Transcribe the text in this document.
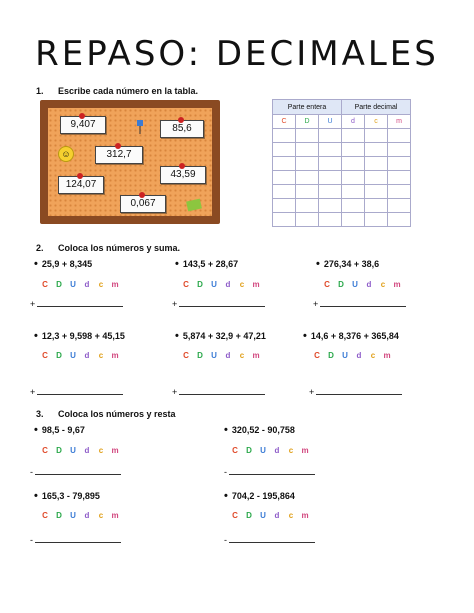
REPASO: DECIMALES
1. Escribe cada número en la tabla.
☺
9,407	85,6
312,7
124,07
43,59
0,067
Parte entera			Parte decimal		
C	D	U	d	c	m

2. Coloca los números y suma.
• 25,9 + 8,345	• 143,5 + 28,67	• 276,34 + 38,6
• 12,3 + 9,598 + 45,15	• 5,874 + 32,9 + 47,21	• 14,6 + 8,376 + 365,84
C D U d c m	C D U d c m	C D U d c m
C D U d c m	C D U d c m	C D U d c m
+	+	+
+	+	+
3. Coloca los números y resta
• 98,5 - 9,67	• 320,52 - 90,758
• 165,3 - 79,895	• 704,2 - 195,864
C D U d c m	C D U d c m
C D U d c m	C D U d c m
-	-
-	-
